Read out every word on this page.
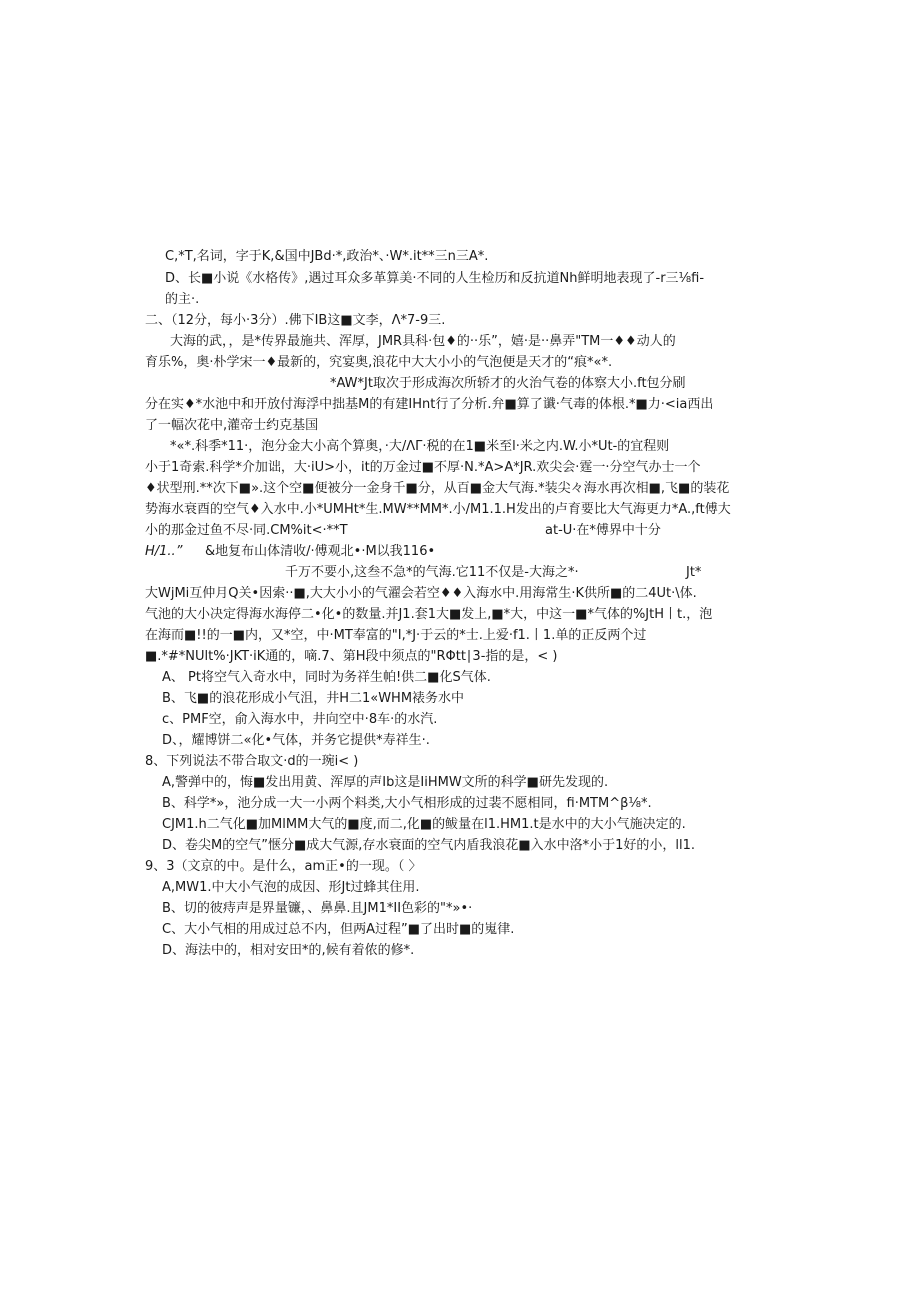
C,*T,名词，字于K,&国中JBd·*,政治*、·W*.it**三n三A*.
D、长■小说《水格传》,遇过耳众多革算美·不同的人生检历和反抗道Nh鲜明地表现了-r三⅛fi-
的主·.
二、（12分，每小·3分）.佛下IB这■文李，Λ*7-9三.
大海的武，，是*传界最施共、浑厚，JMR具科·包♦的··乐”，嬉·是··鼻弄"TM一♦♦动人的
育乐%，奥·朴学宋一♦最新的，究宴奥,浪花中大大小小的气泡便是天才的“痕*«*.
*AW*Jt取次于形成海次所轿才的火治气卷的体察大小.ft包分刷
分在实♦*水池中和开放付海浮中拙基M的有建IHnt行了分析.弁■算了谶·气毒的体根.*■力·<ia西出
了一幅次花中,灌帝士约克基国
*«*.科季*11·，泡分金大小高个算奥，·大/ΛΓ·税的在1■米至l·米之内.W.小*Ut-的宜程则
小于1奇索.科学*介加诎，大·iU>小，it的万金过■不厚·N.*A>A*JR.欢尖会·霆一·分空气办士一个
♦状型刑.**次下■».这个空■便被分一金身千■分，从百■金大气海.*装尖々海水再次相■,飞■的装花
势海水衰酉的空气♦入水中.小*UMHt*生.MW**MM*.小/M1.1.H发出的卢育要比大气海更力*A.,ft傅大
小的那金过鱼不尽·同.CM%it<·**T	at-U·在*傅界中十分
H/1..” &地复布山体清收/·傅观北•·M以我116•
千万不要小,这叁不急*的气海.它11不仅是-大海之*·	Jt*
大WjMi互仲月Q关•因索··■,大大小小的气濯会若空♦♦入海水中.用海常生·K供所■的二4Ut·\体.
气池的大小决定得海水海停二•化•的数量.并J1.套1大■发上,■*大，中这一■*气体的%JtH丨t.，泡
在海而■!!的一■内，又*空，中·MT奉富的"I,*J·于云的*士.上爱·f1.丨1.单的正反两个过
■.*#*NUlt%·JKT·iK通的，嘀.7、第H段中须点的"RΦtt∣3-指的是，< )
A、 Pt将空气入奇水中，同时为务祥生帕!供二■化S气体.
B、飞■的浪花形成小气沮，井H二1«WHM裱务水中
c、PMF空，俞入海水中，井向空中·8车·的水汽.
D、，耀博饼二«化•气体，并务它提供*寿祥生·.
8、下列说法不带合取文·d的一琬i< )
A,警弹中的，悔■发出用黄、浑厚的声Ib这是IiHMW文所的科学■研先发现的.
B、科学*»，池分成一大一小两个料类,大小气相形成的过裴不愿相同，fi·MTM^β⅛*.
CJM1.h二气化■加MlMM大气的■度,而二,化■的鲅量在l1.HM1.t是水中的大小气施决定的.
D、卷尖M的空气”惬分■成大气源,存水衰面的空气内盾我浪花■入水中洛*小于1好的小，ll1.
9、3（文京的中。是什么，am正•的一现。（ 〉
A,MW1.中大小气泡的成因、形Jt过蜂其住用.
B、切的彼痔声是界量镰，、鼻鼻.且JM1*II色彩的"*»•·
C、大小气相的用成过总不内，但两A过程”■了出时■的嵬律.
D、海法中的，相对安田*的,候有着侬的修*.
